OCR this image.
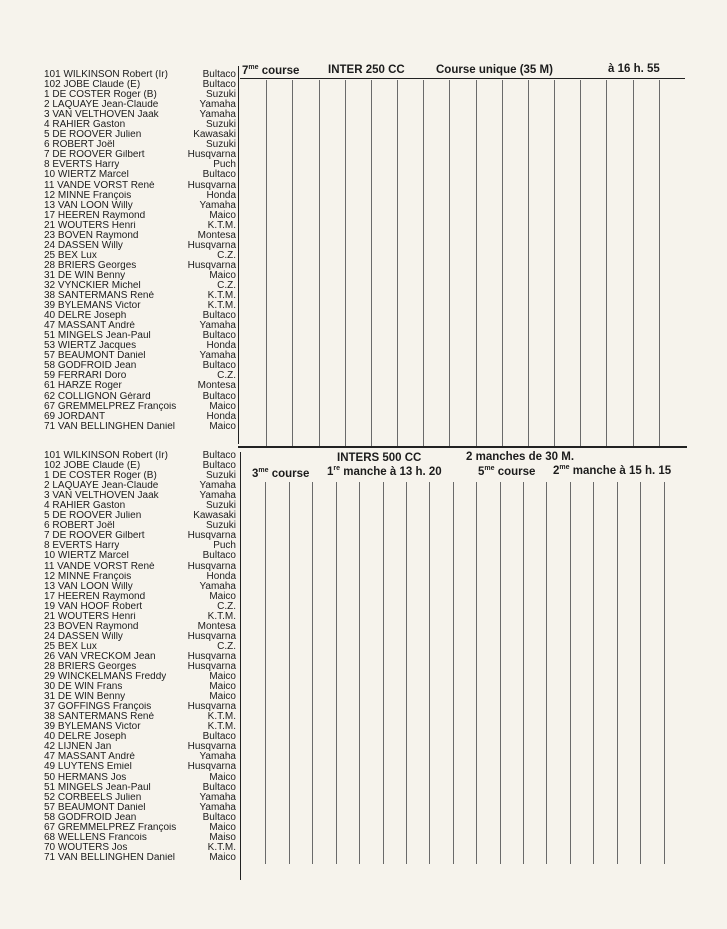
$7^{me}$ course INTER 250 CC	Course unique (35 M)	à 16 h. 55
101 WILKINSON Robert (Ir)	Bultaco
102 JOBE Claude (E)	Bultaco
1 DE COSTER Roger (B)	Suzuki
2 LAQUAYE Jean-Claude	Yamaha
3 VAN VELTHOVEN Jaak	Yamaha
4 RAHIER Gaston	Suzuki
5 DE ROOVER Julien	Kawasaki
6 ROBERT Joël	Suzuki
7 DE ROOVER Gilbert	Husqvarna
8 EVERTS Harry	Puch
10 WIERTZ Marcel	Bultaco
11 VANDE VORST René	Husqvarna
12 MINNE François	Honda
13 VAN LOON Willy	Yamaha
17 HEEREN Raymond	Maico
21 WOUTERS Henri	K.T.M.
23 BOVEN Raymond	Montesa
24 DASSEN Willy	Husqvarna
25 BEX Lux	C.Z.
28 BRIERS Georges	Husqvarna
31 DE WIN Benny	Maico
32 VYNCKIER Michel	C.Z.
38 SANTERMANS René	K.T.M.
39 BYLEMANS Victor	K.T.M.
40 DELRE Joseph	Bultaco
47 MASSANT André	Yamaha
51 MINGELS Jean-Paul	Bultaco
53 WIERTZ Jacques	Honda
57 BEAUMONT Daniel	Yamaha
58 GODFROID Jean	Bultaco
59 FERRARI Doro	C.Z.
61 HARZE Roger	Montesa
62 COLLIGNON Gérard	Bultaco
67 GREMMELPREZ François	Maico
69 JORDANT	Honda
71 VAN BELLINGHEN Daniel	Maico
INTERS 500 CC	2 manches de 30 M.
$3^{me}$ course 1re manche à 13 h. 20	$5^{me}$ course $2^{me}$ manche à 15 h. 15
101 WILKINSON Robert (Ir)	Bultaco
102 JOBE Claude (E)	Bultaco
1 DE COSTER Roger (B)	Suzuki
2 LAQUAYE Jean-Claude	Yamaha
3 VAN VELTHOVEN Jaak	Yamaha
4 RAHIER Gaston	Suzuki
5 DE ROOVER Julien	Kawasaki
6 ROBERT Joël	Suzuki
7 DE ROOVER Gilbert	Husqvarna
8 EVERTS Harry	Puch
10 WIERTZ Marcel	Bultaco
11 VANDE VORST René	Husqvarna
12 MINNE François	Honda
13 VAN LOON Willy	Yamaha
17 HEEREN Raymond	Maico
19 VAN HOOF Robert	C.Z.
21 WOUTERS Henri	K.T.M.
23 BOVEN Raymond	Montesa
24 DASSEN Willy	Husqvarna
25 BEX Lux	C.Z.
26 VAN VRECKOM Jean	Husqvarna
28 BRIERS Georges	Husqvarna
29 WINCKELMANS Freddy	Maico
30 DE WIN Frans	Maico
31 DE WIN Benny	Maico
37 GOFFINGS François	Husqvarna
38 SANTERMANS René	K.T.M.
39 BYLEMANS Victor	K.T.M.
40 DELRE Joseph	Bultaco
42 LIJNEN Jan	Husqvarna
47 MASSANT André	Yamaha
49 LUYTENS Emiel	Husqvarna
50 HERMANS Jos	Maico
51 MINGELS Jean-Paul	Bultaco
52 CORBEELS Julien	Yamaha
57 BEAUMONT Daniel	Yamaha
58 GODFROID Jean	Bultaco
67 GREMMELPREZ François	Maico
68 WELLENS Francois	Maiso
70 WOUTERS Jos	K.T.M.
71 VAN BELLINGHEN Daniel	Maico
